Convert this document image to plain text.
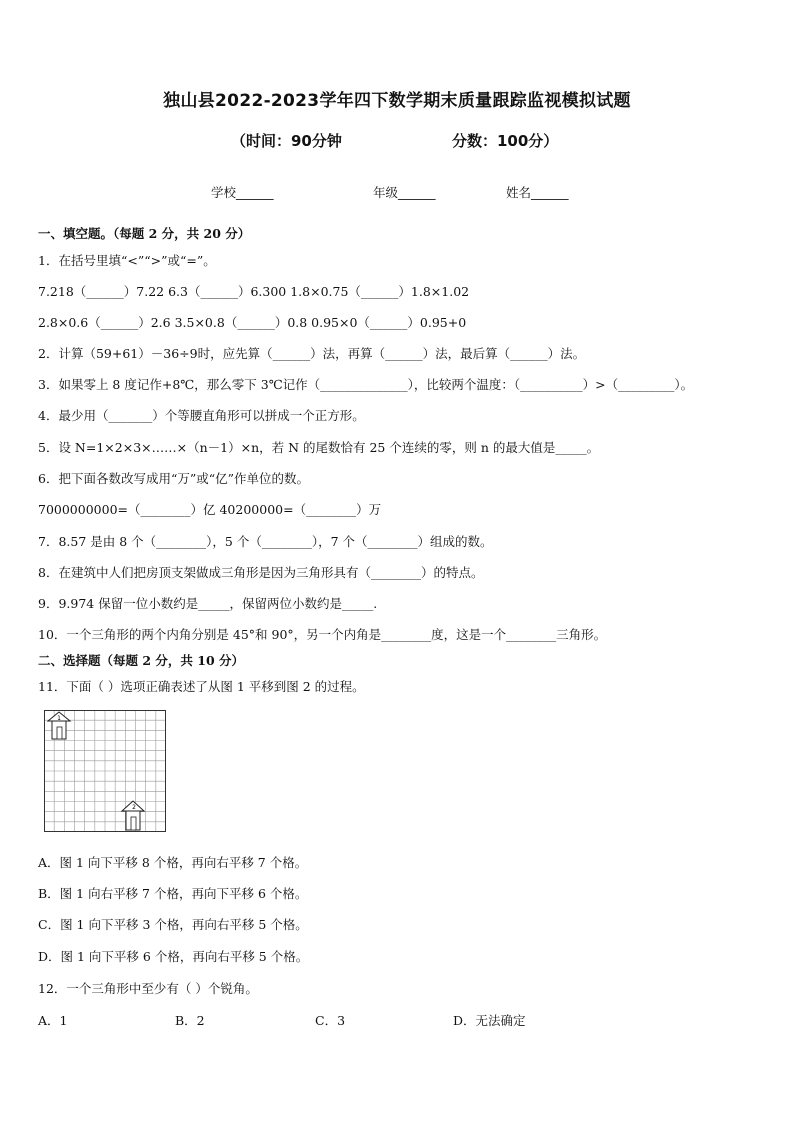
独山县2022-2023学年四下数学期末质量跟踪监视模拟试题
（时间：90分钟	分数：100分）
学校______	年级______	姓名______
一、填空题。（每题 2 分，共 20 分）
1．在括号里填“<”“>”或“=”。
7.218（______）7.22 6.3（______）6.300 1.8×0.75（______）1.8×1.02
2.8×0.6（______）2.6 3.5×0.8（______）0.8 0.95×0（______）0.95+0
2．计算（59+61）－36÷9时，应先算（______）法，再算（______）法，最后算（______）法。
3．如果零上 8 度记作+8℃，那么零下 3℃记作（______________），比较两个温度：（__________）>（_________）。
4．最少用（_______）个等腰直角形可以拼成一个正方形。
5．设 N=1×2×3×……×（n－1）×n，若 N 的尾数恰有 25 个连续的零，则 n 的最大值是_____。
6．把下面各数改写成用“万”或“亿”作单位的数。
7000000000=（________）亿 40200000=（________）万
7．8.57 是由 8 个（________），5 个（________），7 个（________）组成的数。
8．在建筑中人们把房顶支架做成三角形是因为三角形具有（________）的特点。
9．9.974 保留一位小数约是_____，保留两位小数约是_____.
10．一个三角形的两个内角分别是 45°和 90°，另一个内角是________度，这是一个________三角形。
二、选择题（每题 2 分，共 10 分）
11．下面（ ）选项正确表述了从图 1 平移到图 2 的过程。
1
2
A．图 1 向下平移 8 个格，再向右平移 7 个格。
B．图 1 向右平移 7 个格，再向下平移 6 个格。
C．图 1 向下平移 3 个格，再向右平移 5 个格。
D．图 1 向下平移 6 个格，再向右平移 5 个格。
12．一个三角形中至少有（ ）个锐角。
A．1	B．2	C．3	D．无法确定
